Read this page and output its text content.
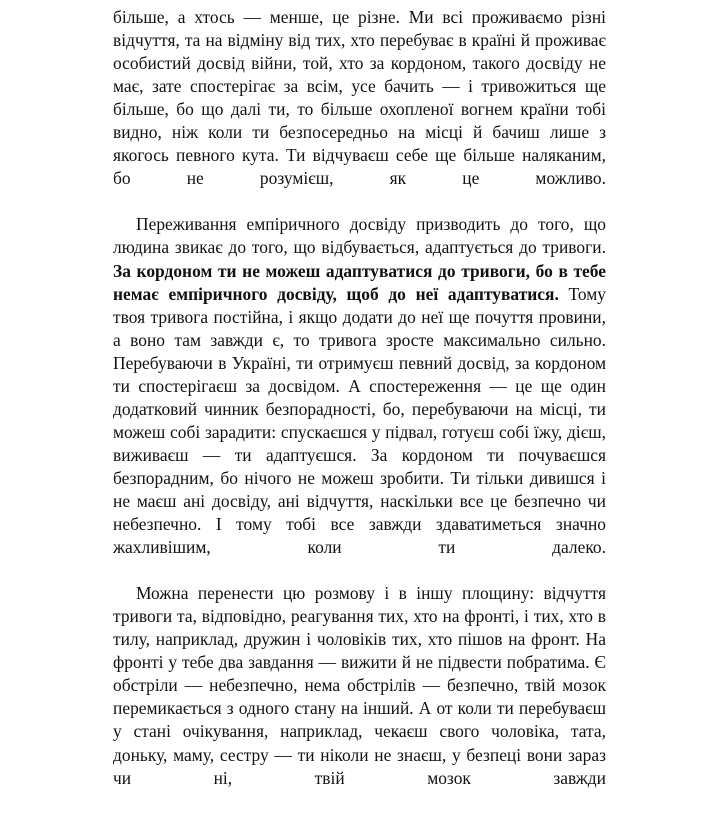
більше, а хтось — менше, це різне. Ми всі проживаємо різні відчуття, та на відміну від тих, хто перебуває в країні й проживає особистий досвід війни, той, хто за кордоном, такого досвіду не має, зате спостерігає за всім, усе бачить — і тривожиться ще більше, бо що далі ти, то більше охопленої вогнем країни тобі видно, ніж коли ти безпосередньо на місці й бачиш лише з якогось певного кута. Ти відчуваєш себе ще більше наляканим, бо не розумієш, як це можливо.

Переживання емпіричного досвіду призводить до того, що людина звикає до того, що відбувається, адаптується до тривоги. За кордоном ти не можеш адаптуватися до тривоги, бо в тебе немає емпіричного досвіду, щоб до неї адаптуватися. Тому твоя тривога постійна, і якщо додати до неї ще почуття провини, а воно там завжди є, то тривога зросте максимально сильно. Перебуваючи в Україні, ти отримуєш певний досвід, за кордоном ти спостерігаєш за досвідом. А спостереження — це ще один додатковий чинник безпорадності, бо, перебуваючи на місці, ти можеш собі зарадити: спускаєшся у підвал, готуєш собі їжу, дієш, виживаєш — ти адаптуєшся. За кордоном ти почуваєшся безпорадним, бо нічого не можеш зробити. Ти тільки дивишся і не маєш ані досвіду, ані відчуття, наскільки все це безпечно чи небезпечно. І тому тобі все завжди здаватиметься значно жахливішим, коли ти далеко.

Можна перенести цю розмову і в іншу площину: відчуття тривоги та, відповідно, реагування тих, хто на фронті, і тих, хто в тилу, наприклад, дружин і чоловіків тих, хто пішов на фронт. На фронті у тебе два завдання — вижити й не підвести побратима. Є обстріли — небезпечно, нема обстрілів — безпечно, твій мозок перемикається з одного стану на інший. А от коли ти перебуваєш у стані очікування, наприклад, чекаєш свого чоловіка, тата, доньку, маму, сестру — ти ніколи не знаєш, у безпеці вони зараз чи ні, твій мозок завжди
